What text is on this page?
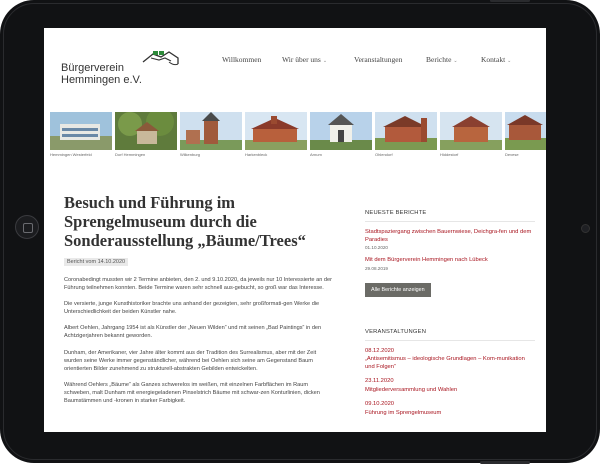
Bürgerverein
Hemmingen e.V.
Willkommen	Wir über uns ⌄	Veranstaltungen	Berichte ⌄	Kontakt ⌄
Hemmingen Westerfeld	Dorf Hemmingen	Wilkenburg	Harkenbleck	Arnum	Ohlendorf	Hiddestorf	Devese
Besuch und Führung im Sprengelmuseum durch die Sonderausstellung „Bäume/Trees“
Bericht vom 14.10.2020

Coronabedingt mussten wir 2 Termine anbieten, den 2. und 9.10.2020, da jeweils nur 10 Interessierte an der Führung teilnehmen konnten. Beide Termine waren sehr schnell aus-gebucht, so groß war das Interesse.

Die versierte, junge Kunsthistoriker brachte uns anhand der gezeigten, sehr großformati-gen Werke die Unterschiedlichkeit der beiden Künstler nahe.

Albert Oehlen, Jahrgang 1954 ist als Künstler der „Neuen Wilden“ und mit seinen „Bad Paintings“ in den Achtzigerjahren bekannt geworden.

Dunham, der Amerikaner, vier Jahre älter kommt aus der Tradition des Surrealismus, aber mit der Zeit wurden seine Werke immer gegenständlicher, während bei Oehlen sich seine am Gegenstand Baum orientierten Bilder zunehmend zu strukturell-abstrakten Gebilden entwickelten.

Während Oehlers „Bäume“ als Ganzes schwerelos im weißen, mit einzelnen Farbflächen im Raum schweben, malt Dunham mit energiegeladenen Pinselstrich Bäume mit schwar-zen Konturlinien, dicken Baumstämmen und -kronen in starker Farbigkeit.

NEUESTE BERICHTE
Stadtspaziergang zwischen Bauernwiese, Deichgra-fen und dem Paradies
01.10.2020
Mit dem Bürgerverein Hemmingen nach Lübeck
29.08.2019
Alle Berichte anzeigen
VERANSTALTUNGEN
08.12.2020
„Antisemitismus – ideologische Grundlagen – Kom-munikation und Folgen“
23.11.2020
Mitgliederversammlung und Wahlen
09.10.2020
Führung im Sprengelmuseum
